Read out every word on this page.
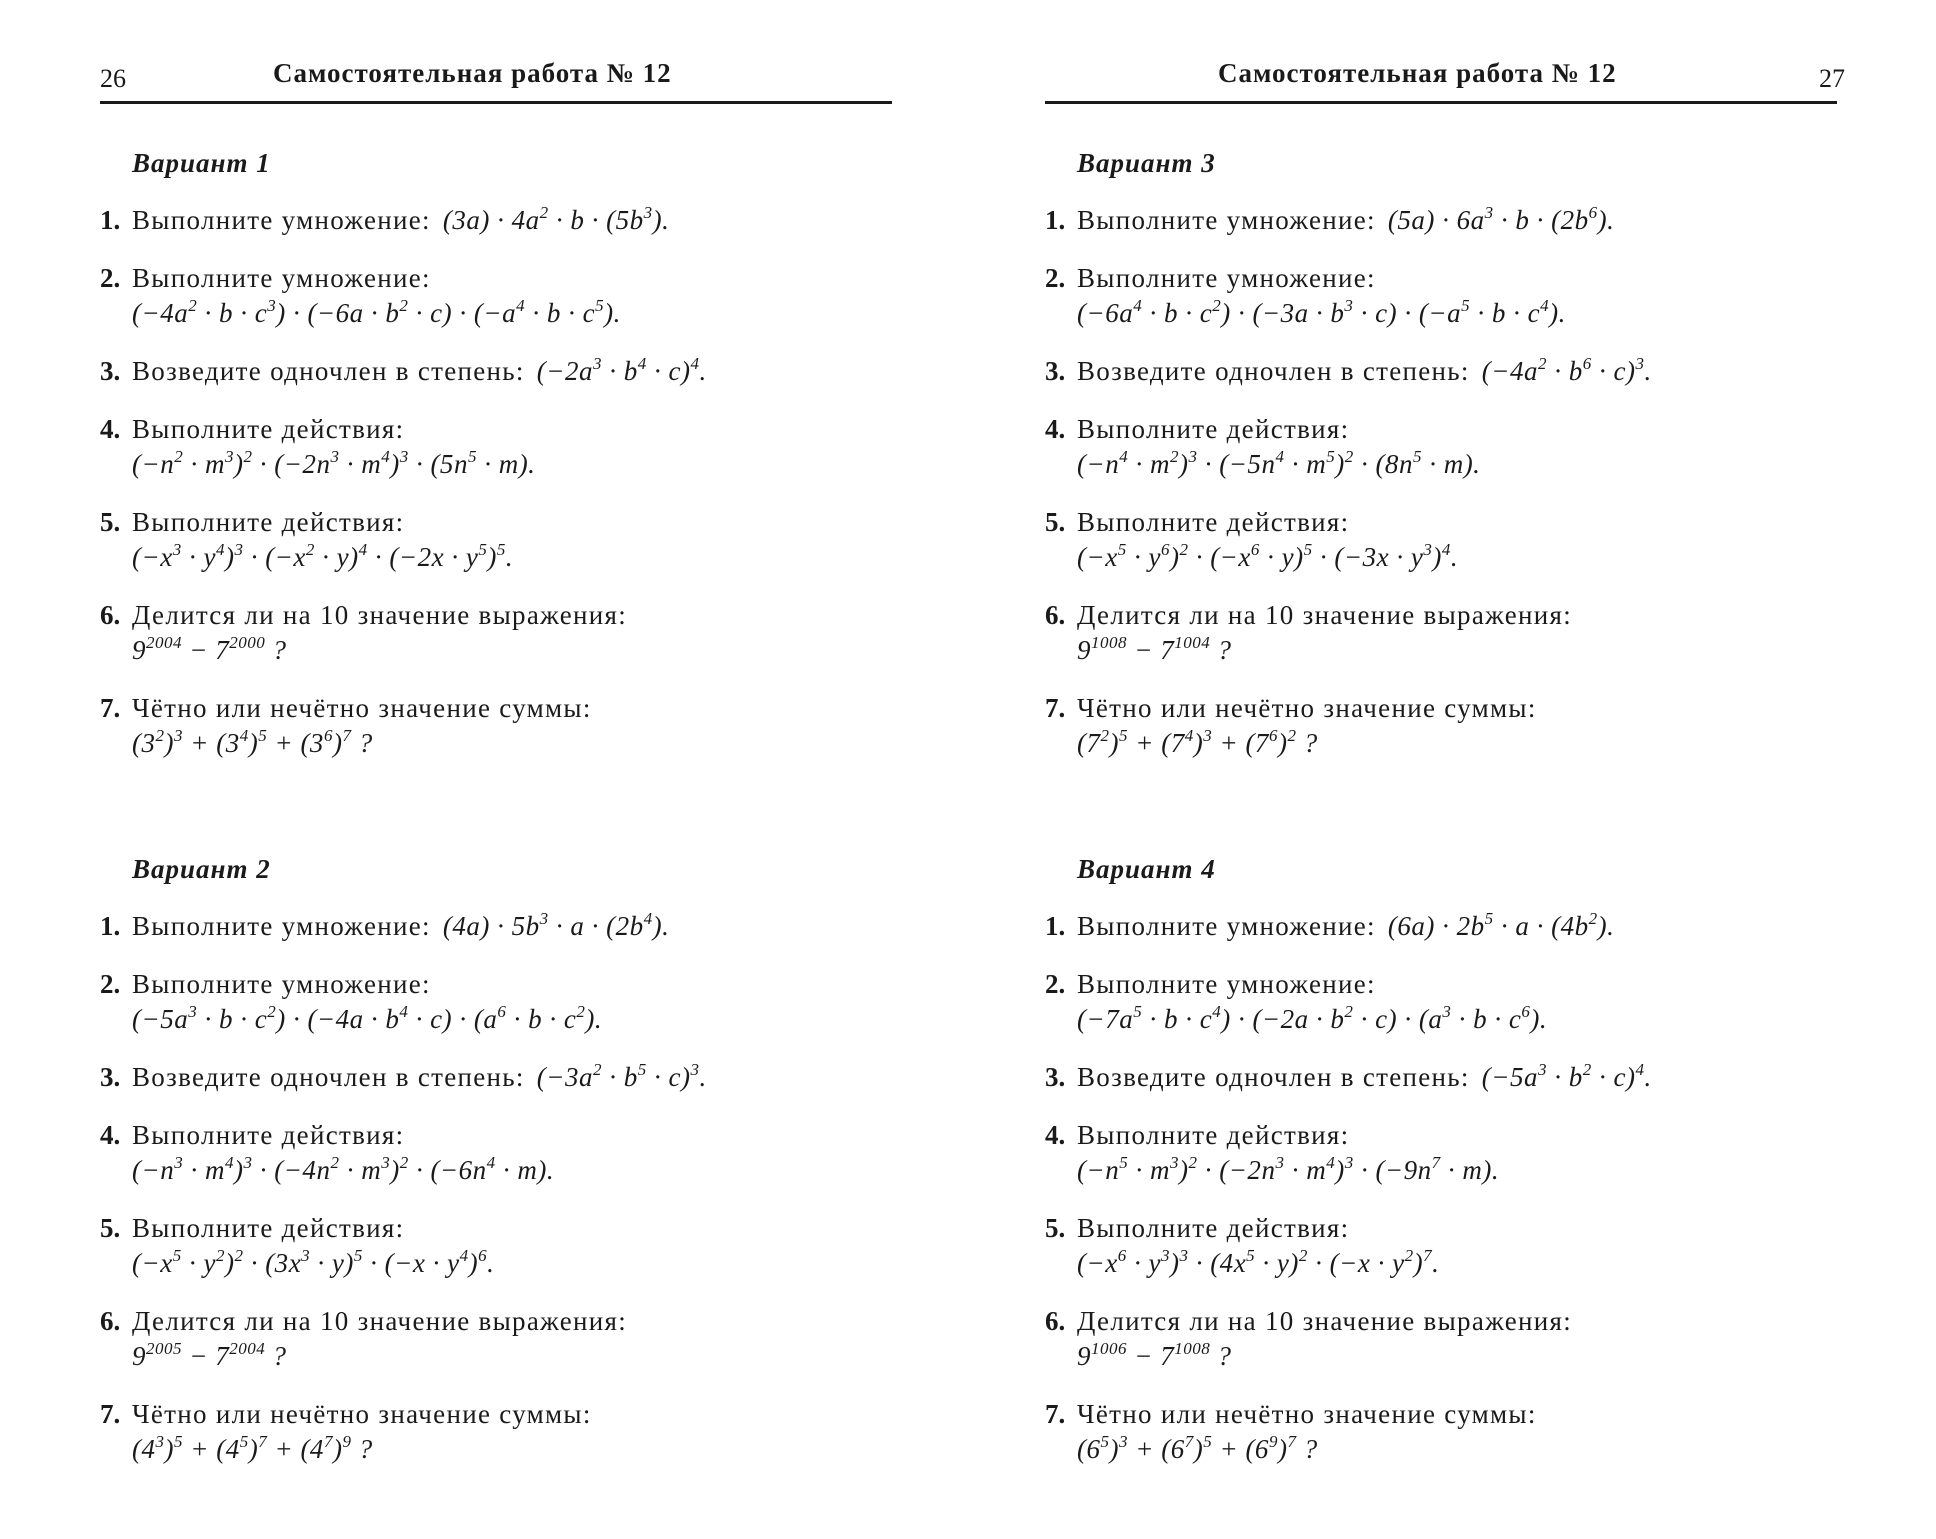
26	Самостоятельная работа № 12
Вариант 1
1. Выполните умножение: $(3a) \cdot 4a^2 \cdot b \cdot (5b^3)$.
2. Выполните умножение:
$(-4a^2 \cdot b \cdot c^3) \cdot (-6a \cdot b^2 \cdot c) \cdot (-a^4 \cdot b \cdot c^5)$.
3. Возведите одночлен в степень: $(-2a^3 \cdot b^4 \cdot c)^4$.
4. Выполните действия:
$(-n^2 \cdot m^3)^2 \cdot (-2n^3 \cdot m^4)^3 \cdot (5n^5 \cdot m)$.
5. Выполните действия:
$(-x^3 \cdot y^4)^3 \cdot (-x^2 \cdot y)^4 \cdot (-2x \cdot y^5)^5$.
6. Делится ли на 10 значение выражения:
$9^{2004} - 7^{2000}$ ?
7. Чётно или нечётно значение суммы:
$(3^2)^3 + (3^4)^5 + (3^6)^7$ ?
Вариант 2
1. Выполните умножение: $(4a) \cdot 5b^3 \cdot a \cdot (2b^4)$.
2. Выполните умножение:
$(-5a^3 \cdot b \cdot c^2) \cdot (-4a \cdot b^4 \cdot c) \cdot (a^6 \cdot b \cdot c^2)$.
3. Возведите одночлен в степень: $(-3a^2 \cdot b^5 \cdot c)^3$.
4. Выполните действия:
$(-n^3 \cdot m^4)^3 \cdot (-4n^2 \cdot m^3)^2 \cdot (-6n^4 \cdot m)$.
5. Выполните действия:
$(-x^5 \cdot y^2)^2 \cdot (3x^3 \cdot y)^5 \cdot (-x \cdot y^4)^6$.
6. Делится ли на 10 значение выражения:
$9^{2005} - 7^{2004}$ ?
7. Чётно или нечётно значение суммы:
$(4^3)^5 + (4^5)^7 + (4^7)^9$ ?
Самостоятельная работа № 12	27
Вариант 3
1. Выполните умножение: $(5a) \cdot 6a^3 \cdot b \cdot (2b^6)$.
2. Выполните умножение:
$(-6a^4 \cdot b \cdot c^2) \cdot (-3a \cdot b^3 \cdot c) \cdot (-a^5 \cdot b \cdot c^4)$.
3. Возведите одночлен в степень: $(-4a^2 \cdot b^6 \cdot c)^3$.
4. Выполните действия:
$(-n^4 \cdot m^2)^3 \cdot (-5n^4 \cdot m^5)^2 \cdot (8n^5 \cdot m)$.
5. Выполните действия:
$(-x^5 \cdot y^6)^2 \cdot (-x^6 \cdot y)^5 \cdot (-3x \cdot y^3)^4$.
6. Делится ли на 10 значение выражения:
$9^{1008} - 7^{1004}$ ?
7. Чётно или нечётно значение суммы:
$(7^2)^5 + (7^4)^3 + (7^6)^2$ ?
Вариант 4
1. Выполните умножение: $(6a) \cdot 2b^5 \cdot a \cdot (4b^2)$.
2. Выполните умножение:
$(-7a^5 \cdot b \cdot c^4) \cdot (-2a \cdot b^2 \cdot c) \cdot (a^3 \cdot b \cdot c^6)$.
3. Возведите одночлен в степень: $(-5a^3 \cdot b^2 \cdot c)^4$.
4. Выполните действия:
$(-n^5 \cdot m^3)^2 \cdot (-2n^3 \cdot m^4)^3 \cdot (-9n^7 \cdot m)$.
5. Выполните действия:
$(-x^6 \cdot y^3)^3 \cdot (4x^5 \cdot y)^2 \cdot (-x \cdot y^2)^7$.
6. Делится ли на 10 значение выражения:
$9^{1006} - 7^{1008}$ ?
7. Чётно или нечётно значение суммы:
$(6^5)^3 + (6^7)^5 + (6^9)^7$ ?
